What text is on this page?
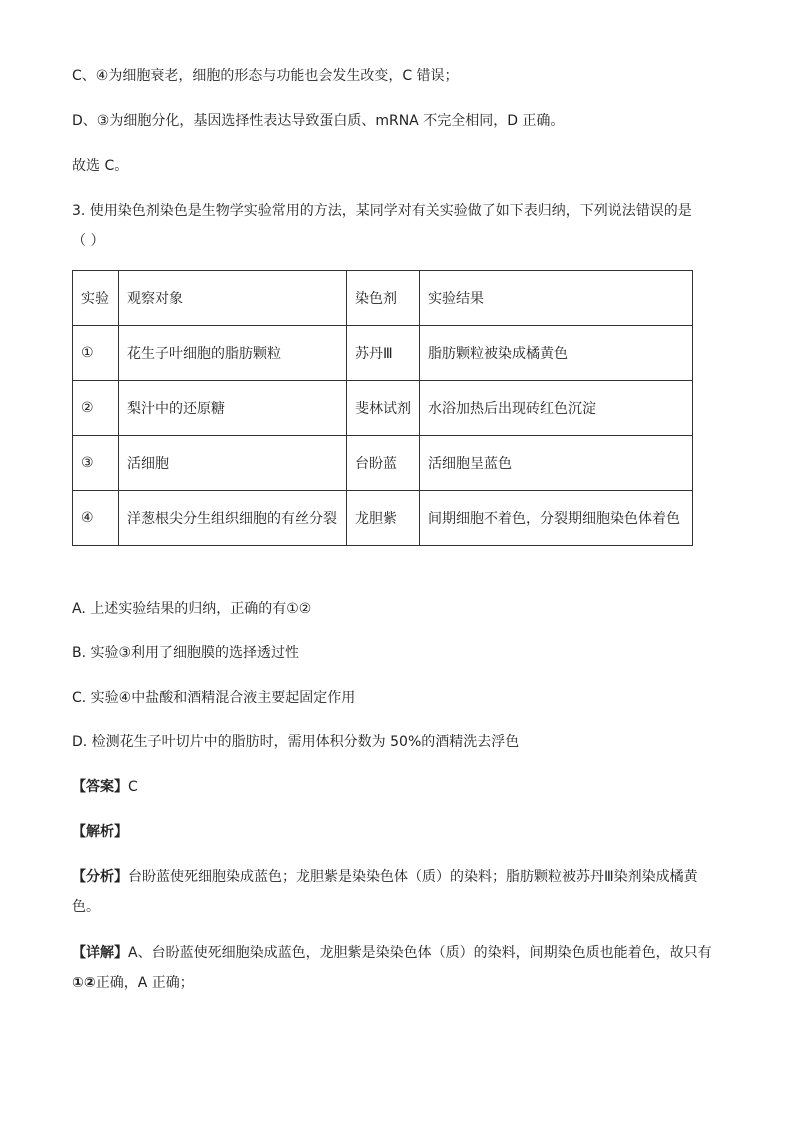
C、④为细胞衰老，细胞的形态与功能也会发生改变，C 错误；
D、③为细胞分化，基因选择性表达导致蛋白质、mRNA 不完全相同，D 正确。
故选 C。
3. 使用染色剂染色是生物学实验常用的方法，某同学对有关实验做了如下表归纳，下列说法错误的是
（ ）
实验	观察对象	染色剂	实验结果
①	花生子叶细胞的脂肪颗粒	苏丹Ⅲ	脂肪颗粒被染成橘黄色
②	梨汁中的还原糖	斐林试剂	水浴加热后出现砖红色沉淀
③	活细胞	台盼蓝	活细胞呈蓝色
④	洋葱根尖分生组织细胞的有丝分裂	龙胆紫	间期细胞不着色，分裂期细胞染色体着色
A. 上述实验结果的归纳，正确的有①②
B. 实验③利用了细胞膜的选择透过性
C. 实验④中盐酸和酒精混合液主要起固定作用
D. 检测花生子叶切片中的脂肪时，需用体积分数为 50%的酒精洗去浮色
【答案】C
【解析】
【分析】台盼蓝使死细胞染成蓝色；龙胆紫是染染色体（质）的染料；脂肪颗粒被苏丹Ⅲ染剂染成橘黄
色。
【详解】A、台盼蓝使死细胞染成蓝色，龙胆紫是染染色体（质）的染料，间期染色质也能着色，故只有
①②正确，A 正确；
